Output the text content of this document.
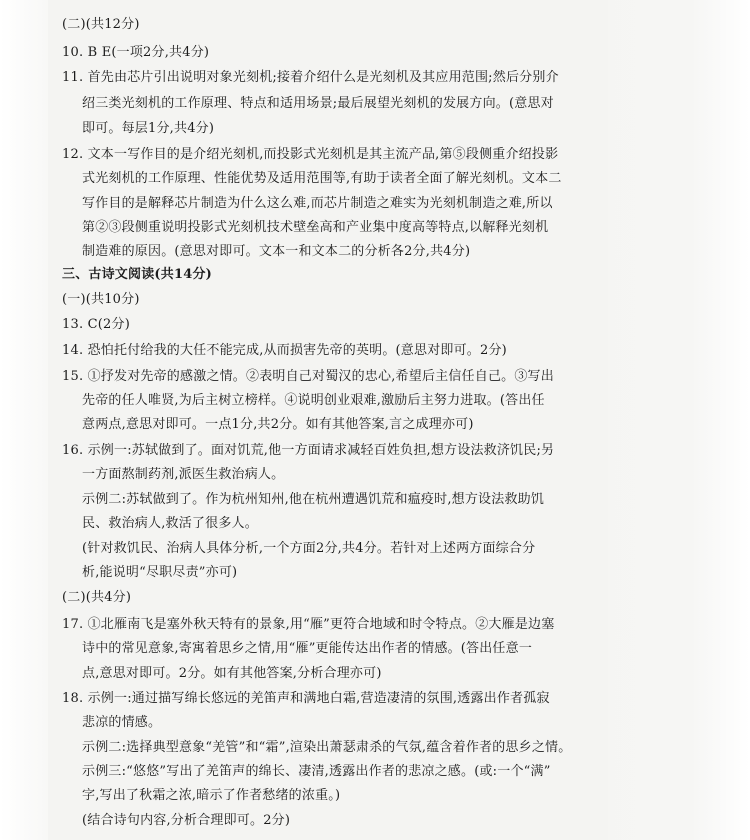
(二)(共12分)
10. B E(一项2分,共4分)
11. 首先由芯片引出说明对象光刻机;接着介绍什么是光刻机及其应用范围;然后分别介
绍三类光刻机的工作原理、特点和适用场景;最后展望光刻机的发展方向。(意思对
即可。每层1分,共4分)
12. 文本一写作目的是介绍光刻机,而投影式光刻机是其主流产品,第⑤段侧重介绍投影
式光刻机的工作原理、性能优势及适用范围等,有助于读者全面了解光刻机。文本二
写作目的是解释芯片制造为什么这么难,而芯片制造之难实为光刻机制造之难,所以
第②③段侧重说明投影式光刻机技术壁垒高和产业集中度高等特点,以解释光刻机
制造难的原因。(意思对即可。文本一和文本二的分析各2分,共4分)
三、古诗文阅读(共14分)
(一)(共10分)
13. C(2分)
14. 恐怕托付给我的大任不能完成,从而损害先帝的英明。(意思对即可。2分)
15. ①抒发对先帝的感激之情。②表明自己对蜀汉的忠心,希望后主信任自己。③写出
先帝的任人唯贤,为后主树立榜样。④说明创业艰难,激励后主努力进取。(答出任
意两点,意思对即可。一点1分,共2分。如有其他答案,言之成理亦可)
16. 示例一:苏轼做到了。面对饥荒,他一方面请求减轻百姓负担,想方设法救济饥民;另
一方面熬制药剂,派医生救治病人。
示例二:苏轼做到了。作为杭州知州,他在杭州遭遇饥荒和瘟疫时,想方设法救助饥
民、救治病人,救活了很多人。
(针对救饥民、治病人具体分析,一个方面2分,共4分。若针对上述两方面综合分
析,能说明“尽职尽责”亦可)
(二)(共4分)
17. ①北雁南飞是塞外秋天特有的景象,用“雁”更符合地域和时令特点。②大雁是边塞
诗中的常见意象,寄寓着思乡之情,用“雁”更能传达出作者的情感。(答出任意一
点,意思对即可。2分。如有其他答案,分析合理亦可)
18. 示例一:通过描写绵长悠远的羌笛声和满地白霜,营造凄清的氛围,透露出作者孤寂
悲凉的情感。
示例二:选择典型意象“羌管”和“霜”,渲染出萧瑟肃杀的气氛,蕴含着作者的思乡之情。
示例三:“悠悠”写出了羌笛声的绵长、凄清,透露出作者的悲凉之感。(或:一个“满”
字,写出了秋霜之浓,暗示了作者愁绪的浓重。)
(结合诗句内容,分析合理即可。2分)
